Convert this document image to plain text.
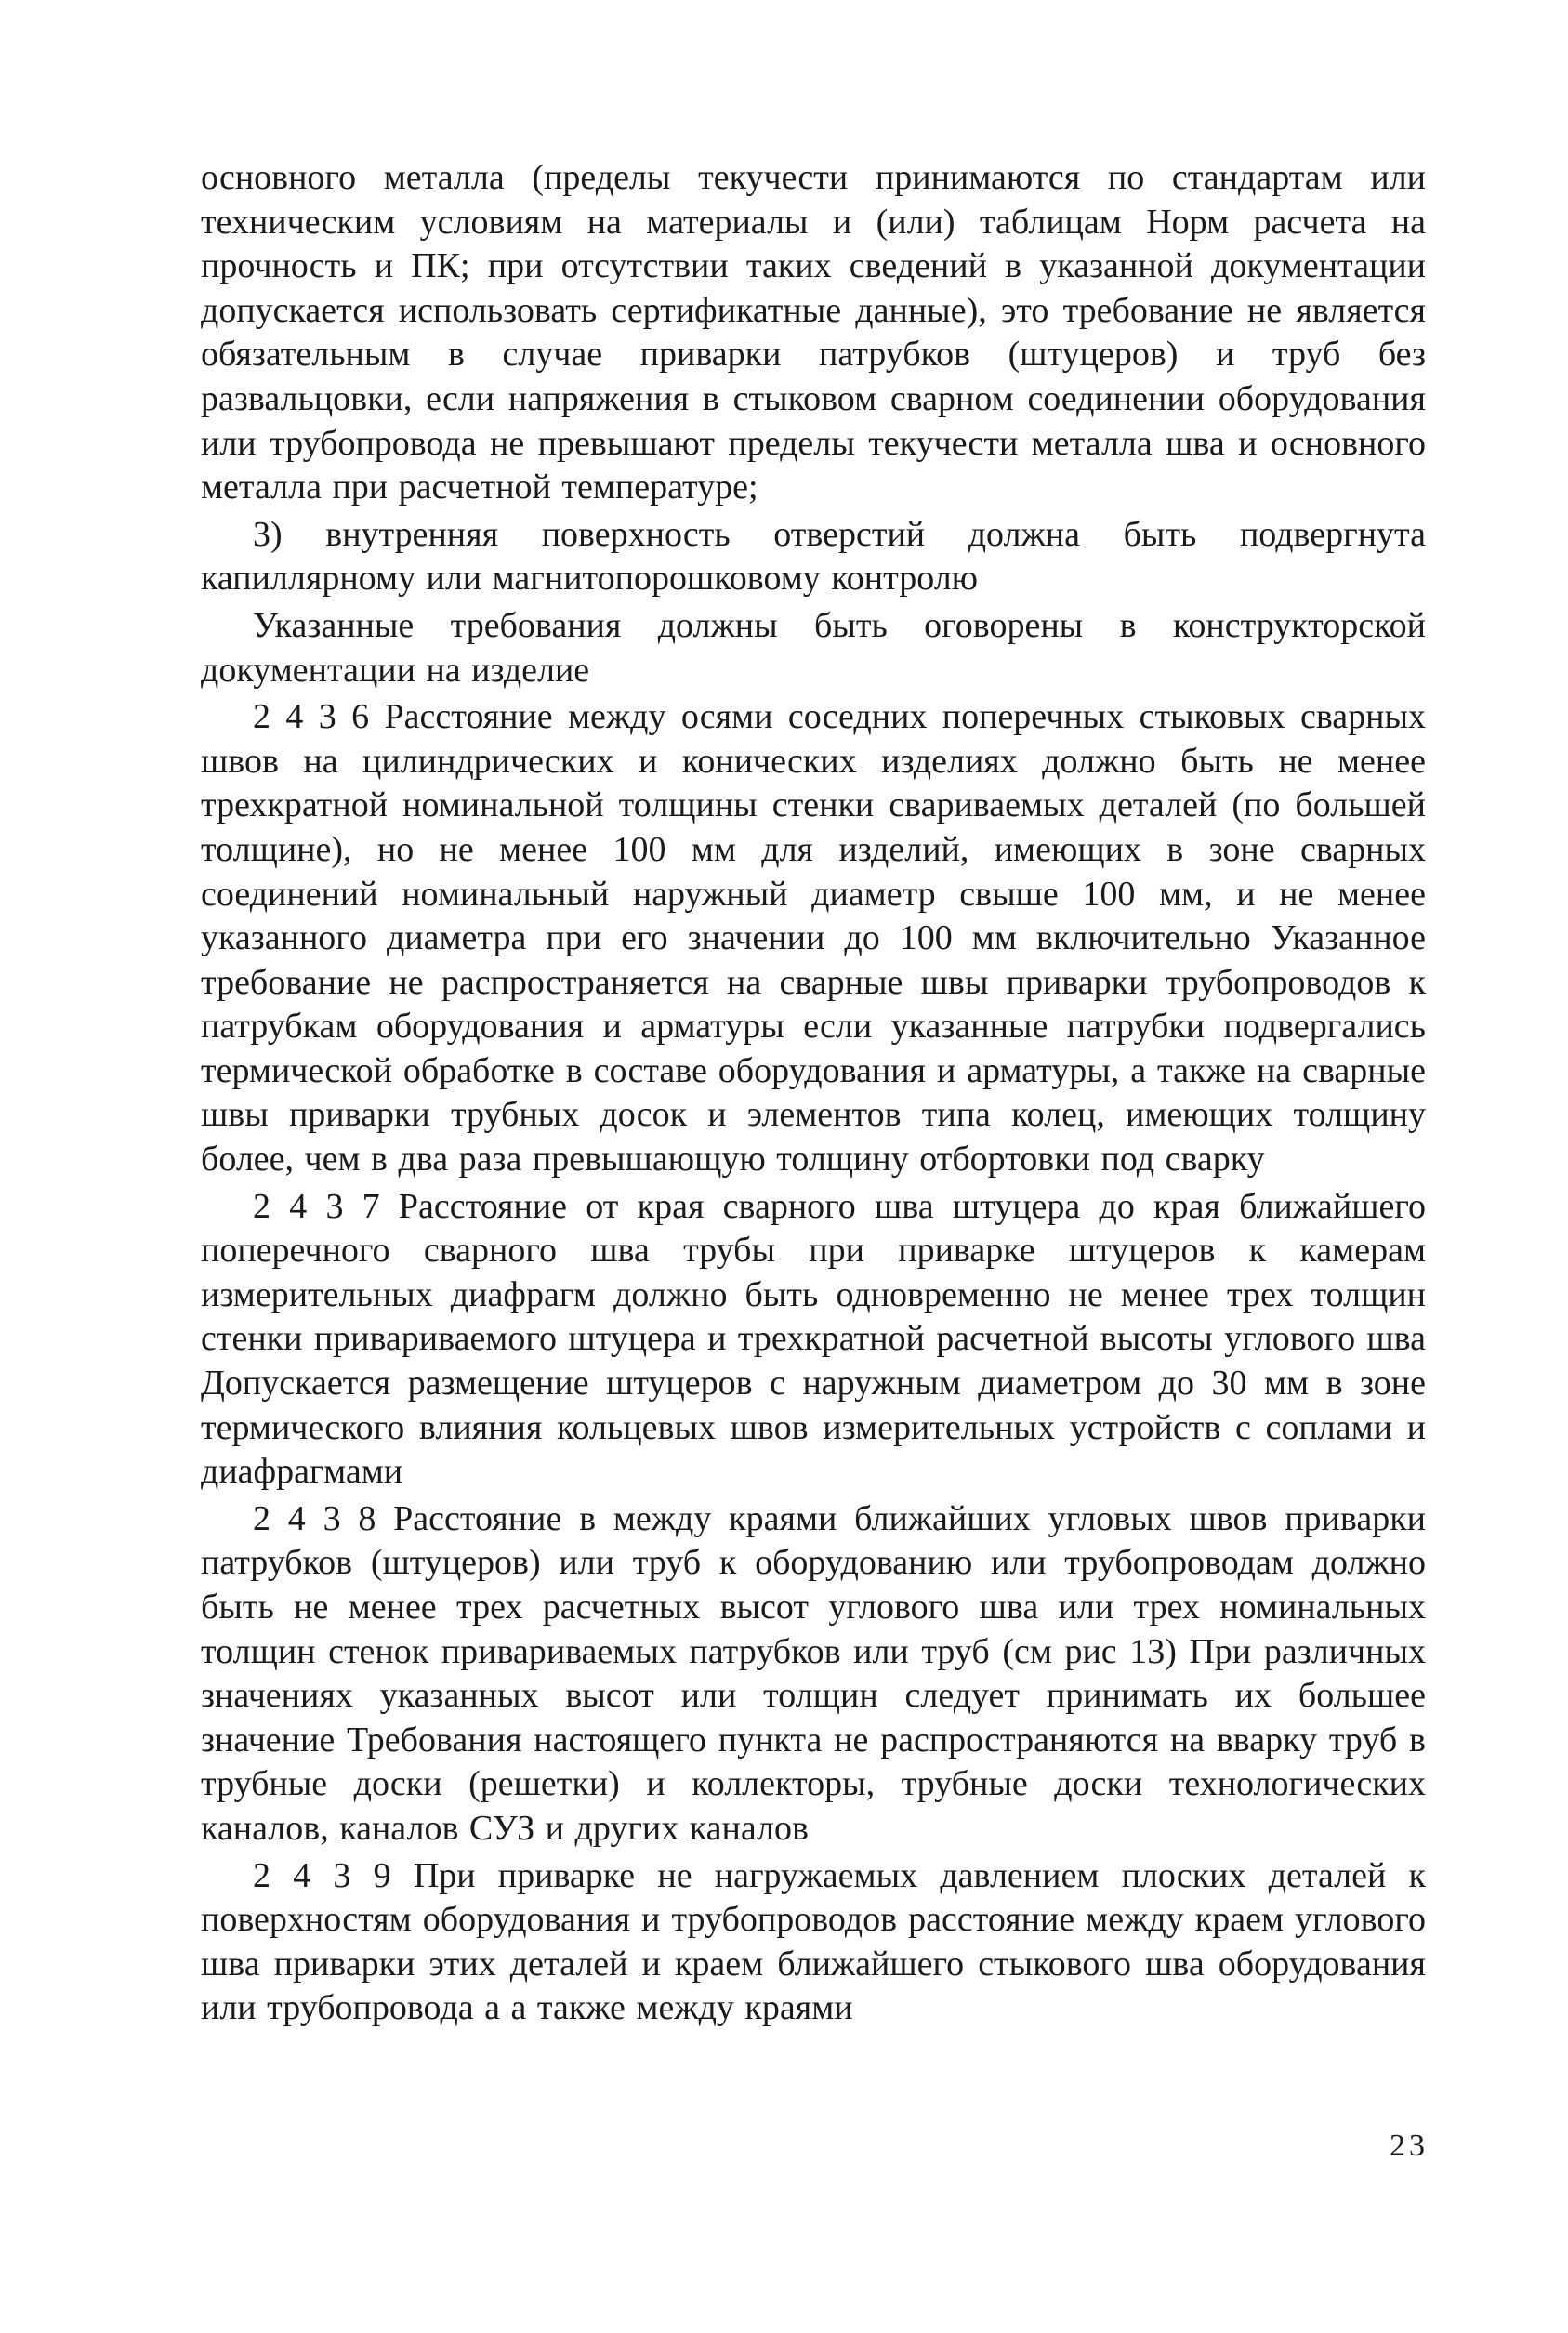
основного металла (пределы текучести принимаются по стандартам или техническим условиям на материалы и (или) таблицам Норм расчета на прочность и ПК; при отсутствии таких сведений в указанной документации допускается использовать сертификатные данные), это требование не является обязательным в случае приварки патрубков (штуцеров) и труб без развальцовки, если напряжения в стыковом сварном соединении оборудования или трубопровода не превышают пределы текучести металла шва и основного металла при расчетной температуре;

3) внутренняя поверхность отверстий должна быть подвергнута капиллярному или магнитопорошковому контролю

Указанные требования должны быть оговорены в конструкторской документации на изделие

2 4 3 6 Расстояние между осями соседних поперечных стыковых сварных швов на цилиндрических и конических изделиях должно быть не менее трехкратной номинальной толщины стенки свариваемых деталей (по большей толщине), но не менее 100 мм для изделий, имеющих в зоне сварных соединений номинальный наружный диаметр свыше 100 мм, и не менее указанного диаметра при его значении до 100 мм включительно Указанное требование не распространяется на сварные швы приварки трубопроводов к патрубкам оборудования и арматуры если указанные патрубки подвергались термической обработке в составе оборудования и арматуры, а также на сварные швы приварки трубных досок и элементов типа колец, имеющих толщину более, чем в два раза превышающую толщину отбортовки под сварку

2 4 3 7 Расстояние от края сварного шва штуцера до края ближайшего поперечного сварного шва трубы при приварке штуцеров к камерам измерительных диафрагм должно быть одновременно не менее трех толщин стенки привариваемого штуцера и трехкратной расчетной высоты углового шва Допускается размещение штуцеров с наружным диаметром до 30 мм в зоне термического влияния кольцевых швов измерительных устройств с соплами и диафрагмами

2 4 3 8 Расстояние в между краями ближайших угловых швов приварки патрубков (штуцеров) или труб к оборудованию или трубопроводам должно быть не менее трех расчетных высот углового шва или трех номинальных толщин стенок привариваемых патрубков или труб (см рис 13) При различных значениях указанных высот или толщин следует принимать их большее значение Требования настоящего пункта не распространяются на вварку труб в трубные доски (решетки) и коллекторы, трубные доски технологических каналов, каналов СУЗ и других каналов

2 4 3 9 При приварке не нагружаемых давлением плоских деталей к поверхностям оборудования и трубопроводов расстояние между краем углового шва приварки этих деталей и краем ближайшего стыкового шва оборудования или трубопровода а а также между краями

23
